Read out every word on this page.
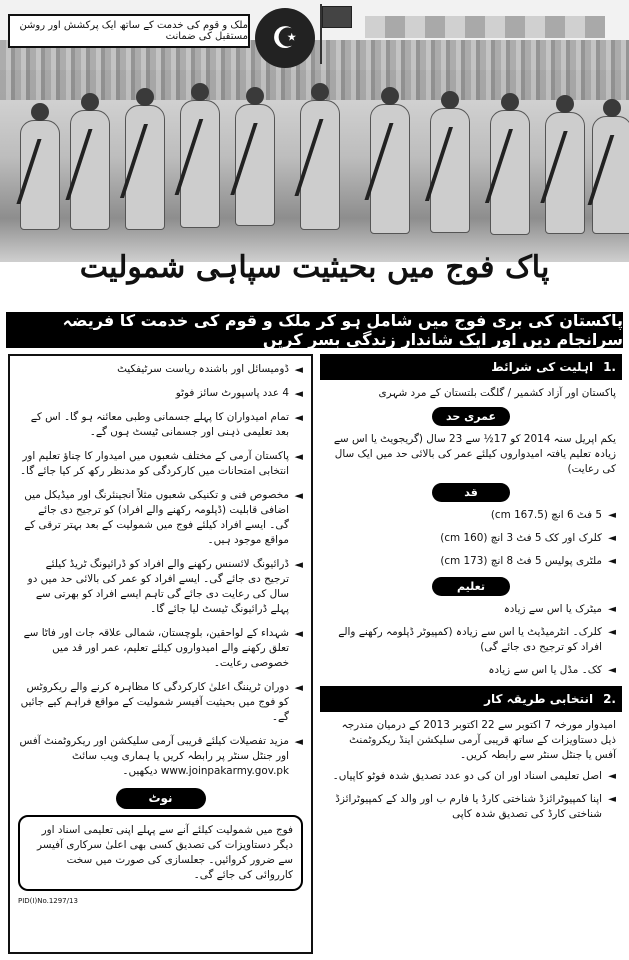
ملک و قوم کی خدمت کے ساتھ ایک پرکشش اور روشن مستقبل کی ضمانت ☪
پاک فوج میں بحیثیت سپاہی شمولیت
پاکستان کی بری فوج میں شامل ہو کر ملک و قوم کی خدمت کا فریضہ سرانجام دیں اور ایک شاندار زندگی بسر کریں
◄
ڈومیسائل اور باشندہ ریاست سرٹیفکیٹ
◄
4 عدد پاسپورٹ سائز فوٹو
◄
تمام امیدواران کا پہلے جسمانی وطبی معائنہ ہو گا۔ اس کے بعد تعلیمی ذہنی اور جسمانی ٹیسٹ ہوں گے۔
◄
پاکستان آرمی کے مختلف شعبوں میں امیدوار کا چناؤ تعلیم اور انتخابی امتحانات میں کارکردگی کو مدنظر رکھ کر کیا جائے گا۔
◄
مخصوص فنی و تکنیکی شعبوں مثلاً انجینئرنگ اور میڈیکل میں اضافی قابلیت (ڈپلومہ رکھنے والے افراد) کو ترجیح دی جائے گی۔ ایسے افراد کیلئے فوج میں شمولیت کے بعد بہتر ترقی کے مواقع موجود ہیں۔
◄
ڈرائیونگ لائسنس رکھنے والے افراد کو ڈرائیونگ ٹریڈ کیلئے ترجیح دی جائے گی۔ ایسے افراد کو عمر کی بالائی حد میں دو سال کی رعایت دی جائے گی تاہم ایسے افراد کو بھرتی سے پہلے ڈرائیونگ ٹیسٹ لیا جائے گا۔
◄
شہداء کے لواحقین، بلوچستان، شمالی علاقہ جات اور فاٹا سے تعلق رکھنے والے امیدواروں کیلئے تعلیم، عمر اور قد میں خصوصی رعایت۔
◄
دوران ٹریننگ اعلیٰ کارکردگی کا مظاہرہ کرنے والے ریکروٹس کو فوج میں بحیثیت آفیسر شمولیت کے مواقع فراہم کیے جائیں گے۔
◄
مزید تفصیلات کیلئے قریبی آرمی سلیکشن اور ریکروٹمنٹ آفس اور جنٹل سنٹر پر رابطہ کریں یا ہماری ویب سائٹ www.joinpakarmy.gov.pk دیکھیں۔
نوٹ
فوج میں شمولیت کیلئے آنے سے پہلے اپنی تعلیمی اسناد اور دیگر دستاویزات کی تصدیق کسی بھی اعلیٰ سرکاری آفیسر سے ضرور کروائیں۔ جعلسازی کی صورت میں سخت کارروائی کی جائے گی۔
PID(I)No.1297/13
1.
اہلیت کی شرائط
پاکستان اور آزاد کشمیر / گلگت بلتستان کے مرد شہری
عمری حد
یکم اپریل سنہ 2014 کو 17½ سے 23 سال (گریجویٹ یا اس سے زیادہ تعلیم یافتہ امیدواروں کیلئے عمر کی بالائی حد میں ایک سال کی رعایت)
قد
◄
5 فٹ 6 انچ (167.5 cm)
◄
کلرک اور کک 5 فٹ 3 انچ (160 cm)
◄
ملٹری پولیس 5 فٹ 8 انچ (173 cm)
تعلیم
◄
میٹرک یا اس سے زیادہ
◄
کلرک۔ انٹرمیڈیٹ یا اس سے زیادہ (کمپیوٹر ڈپلومہ رکھنے والے افراد کو ترجیح دی جائے گی)
◄
کک۔ مڈل یا اس سے زیادہ
2.
انتخابی طریقہ کار
امیدوار مورخہ 7 اکتوبر سے 22 اکتوبر 2013 کے درمیان مندرجہ ذیل دستاویزات کے ساتھ قریبی آرمی سلیکشن اینڈ ریکروٹمنٹ آفس یا جنٹل سنٹر سے رابطہ کریں۔
◄
اصل تعلیمی اسناد اور ان کی دو عدد تصدیق شدہ فوٹو کاپیاں۔
◄
اپنا کمپیوٹرائزڈ شناختی کارڈ یا فارم ب اور والد کے کمپیوٹرائزڈ شناختی کارڈ کی تصدیق شدہ کاپی
